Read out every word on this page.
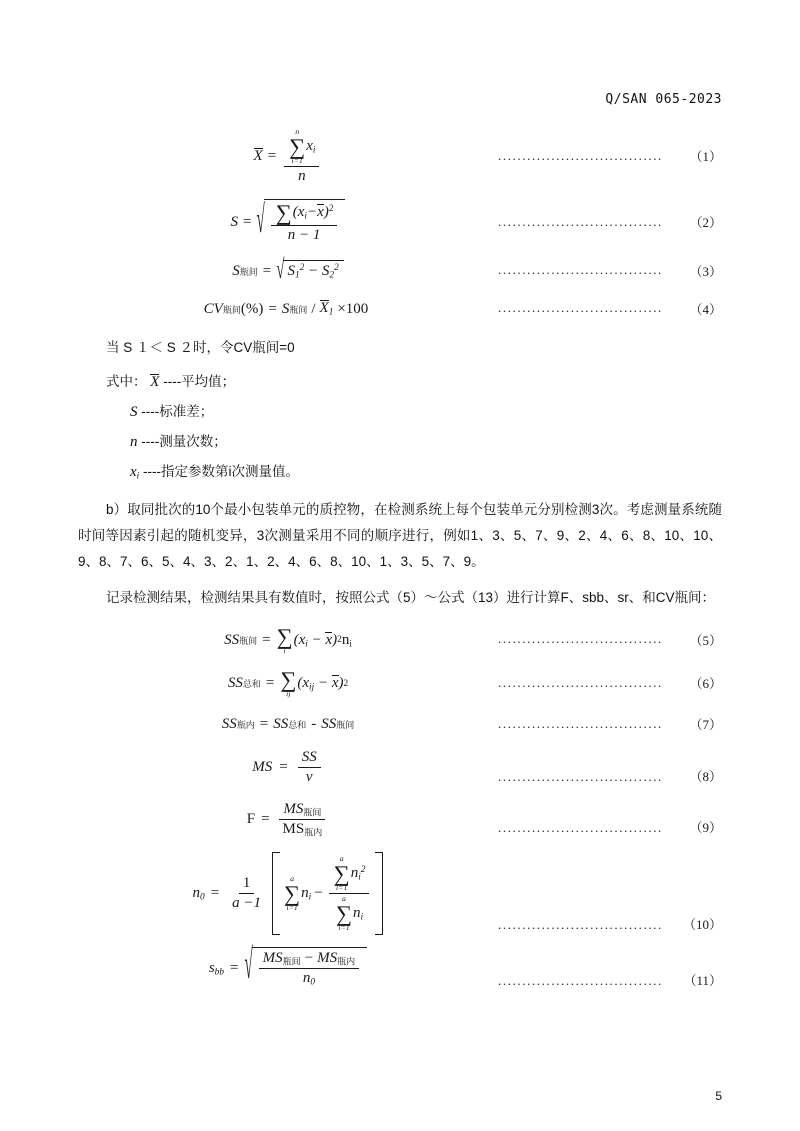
Q/SAN 065-2023
X = n
∑
i=1
$x_i$
n	..................................	（1）
S = √ $\frac{\sum (x_i-x)^2}{n - 1}$	..................................	（2）
S 瓶间 = √ $S_1^2 - S_2^2$	..................................	（3）
CV 瓶间 (%) = S 瓶间 / $X_1 \times 100$	..................................	（4）
当 S １＜ S ２时，令CV瓶间=0
式中： X ----平均值；
S ----标准差；
n ----测量次数；
$x_i$ ----指定参数第i次测量值。
b）取同批次的10个最小包装单元的质控物，在检测系统上每个包装单元分别检测3次。考虑测量系统随时间等因素引起的随机变异，3次测量采用不同的顺序进行，例如1、3、5、7、9、2、4、6、8、10、10、9、8、7、6、5、4、3、2、1、2、4、6、8、10、1、3、5、7、9。
记录检测结果，检测结果具有数值时，按照公式（5）～公式（13）进行计算F、sbb、sr、和CV瓶间：
SS 瓶间 = ∑
i
$(x_i - x)$ 2 $n_i$	..................................	（5）
SS 总和 = ∑
ij
$(x_{ij} - x)$ 2	..................................	（6）
SS 瓶内 = SS 总和 - SS 瓶间	..................................	（7）
MS = $\frac{SS}{v}$	..................................	（8）
$F = \frac{\text{MS瓶间}}{\text{MS瓶内}}$	..................................	（9）
$n_0 = \frac{1}{a -1}$	a
∑
i=1
$n_i - a$
∑
i=1
$n_i^2$
a
∑
i=1
$n_i$	..................................	（10）
$s_{bb}$ = √ $\frac{\text{MS瓶间 − MS瓶内}}{n_0}$	..................................	（11）
5
